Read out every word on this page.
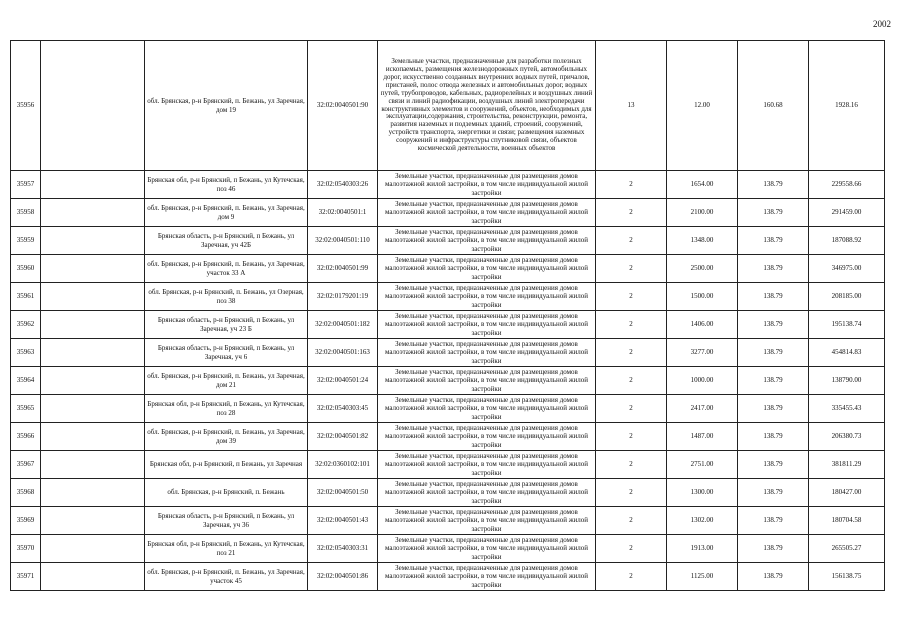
2002
35956		обл. Брянская, р-н Брянский, п. Бежань, ул Заречная, дом 19	32:02:0040501:90	Земельные участки, предназначенные для разработки полезных ископаемых, размещения железнодорожных путей, автомобильных дорог, искусственно созданных внутренних водных путей, причалов, пристаней, полос отвода железных и автомобильных дорог, водных путей, трубопроводов, кабельных, радиорелейных и воздушных линий связи и линий радиофикации, воздушных линий электропередачи конструктивных элементов и сооружений, объектов, необходимых для эксплуатации,содержания, строительства, реконструкции, ремонта, развития наземных и подземных зданий, строений, сооружений, устройств транспорта, энергетики и связи; размещения наземных сооружений и инфраструктуры спутниковой связи, объектов космической деятельности, военных объектов	13	12.00	160.68	1928.16
35957		Брянская обл, р-н Брянский, п Бежань, ул Кутечская, поз 46	32:02:0540303:26	Земельные участки, предназначенные для размещения домов малоэтажной жилой застройки, в том числе индивидуальной жилой застройки	2	1654.00	138.79	229558.66
35958		обл. Брянская, р-н Брянский, п. Бежань, ул Заречная, дом 9	32:02:0040501:1	Земельные участки, предназначенные для размещения домов малоэтажной жилой застройки, в том числе индивидуальной жилой застройки	2	2100.00	138.79	291459.00
35959		Брянская область, р-н Брянский, п Бежань, ул Заречная, уч 42Б	32:02:0040501:110	Земельные участки, предназначенные для размещения домов малоэтажной жилой застройки, в том числе индивидуальной жилой застройки	2	1348.00	138.79	187088.92
35960		обл. Брянская, р-н Брянский, п. Бежань, ул Заречная, участок 33 А	32:02:0040501:99	Земельные участки, предназначенные для размещения домов малоэтажной жилой застройки, в том числе индивидуальной жилой застройки	2	2500.00	138.79	346975.00
35961		обл. Брянская, р-н Брянский, п. Бежань, ул Озерная, поз 38	32:02:0179201:19	Земельные участки, предназначенные для размещения домов малоэтажной жилой застройки, в том числе индивидуальной жилой застройки	2	1500.00	138.79	208185.00
35962		Брянская область, р-н Брянский, п Бежань, ул Заречная, уч 23 Б	32:02:0040501:182	Земельные участки, предназначенные для размещения домов малоэтажной жилой застройки, в том числе индивидуальной жилой застройки	2	1406.00	138.79	195138.74
35963		Брянская область, р-н Брянский, п Бежань, ул Заречная, уч 6	32:02:0040501:163	Земельные участки, предназначенные для размещения домов малоэтажной жилой застройки, в том числе индивидуальной жилой застройки	2	3277.00	138.79	454814.83
35964		обл. Брянская, р-н Брянский, п. Бежань, ул Заречная, дом 21	32:02:0040501:24	Земельные участки, предназначенные для размещения домов малоэтажной жилой застройки, в том числе индивидуальной жилой застройки	2	1000.00	138.79	138790.00
35965		Брянская обл, р-н Брянский, п Бежань, ул Кутечская, поз 28	32:02:0540303:45	Земельные участки, предназначенные для размещения домов малоэтажной жилой застройки, в том числе индивидуальной жилой застройки	2	2417.00	138.79	335455.43
35966		обл. Брянская, р-н Брянский, п. Бежань, ул Заречная, дом 39	32:02:0040501:82	Земельные участки, предназначенные для размещения домов малоэтажной жилой застройки, в том числе индивидуальной жилой застройки	2	1487.00	138.79	206380.73
35967		Брянская обл, р-н Брянский, п Бежань, ул Заречная	32:02:0360102:101	Земельные участки, предназначенные для размещения домов малоэтажной жилой застройки, в том числе индивидуальной жилой застройки	2	2751.00	138.79	381811.29
35968		обл. Брянская, р-н Брянский, п. Бежань	32:02:0040501:50	Земельные участки, предназначенные для размещения домов малоэтажной жилой застройки, в том числе индивидуальной жилой застройки	2	1300.00	138.79	180427.00
35969		Брянская область, р-н Брянский, п Бежань, ул Заречная, уч 36	32:02:0040501:43	Земельные участки, предназначенные для размещения домов малоэтажной жилой застройки, в том числе индивидуальной жилой застройки	2	1302.00	138.79	180704.58
35970		Брянская обл, р-н Брянский, п Бежань, ул Кутечская, поз 21	32:02:0540303:31	Земельные участки, предназначенные для размещения домов малоэтажной жилой застройки, в том числе индивидуальной жилой застройки	2	1913.00	138.79	265505.27
35971		обл. Брянская, р-н Брянский, п. Бежань, ул Заречная, участок 45	32:02:0040501:86	Земельные участки, предназначенные для размещения домов малоэтажной жилой застройки, в том числе индивидуальной жилой застройки	2	1125.00	138.79	156138.75
